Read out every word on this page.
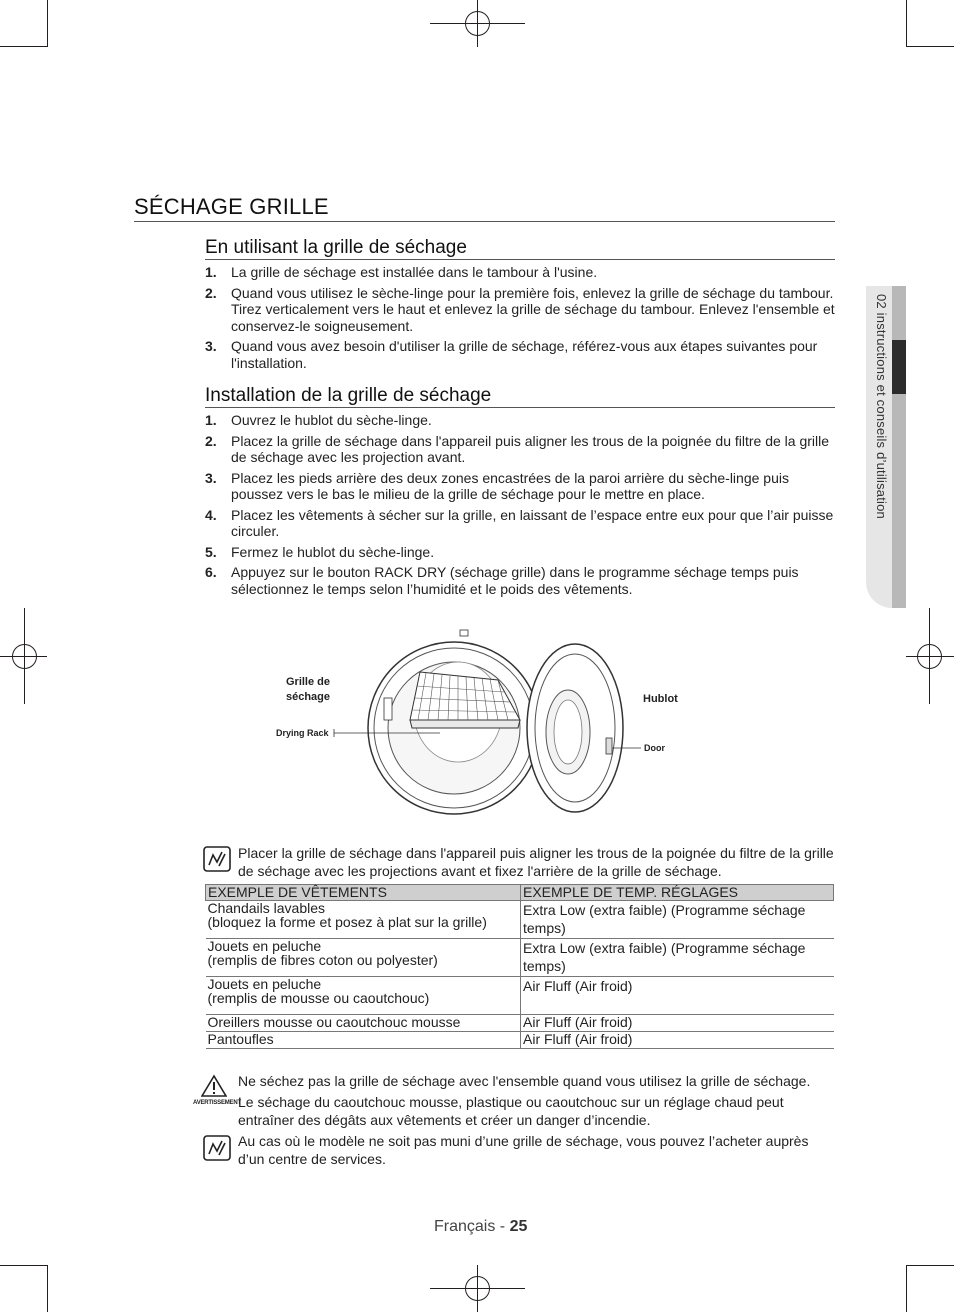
02 instructions et conseils d’utilisation
SÉCHAGE GRILLE
En utilisant la grille de séchage
1. La grille de séchage est installée dans le tambour à l'usine.
2. Quand vous utilisez le sèche-linge pour la première fois, enlevez la grille de séchage du tambour. Tirez verticalement vers le haut et enlevez la grille de séchage du tambour. Enlevez l'ensemble et conservez-le soigneusement.
3. Quand vous avez besoin d'utiliser la grille de séchage, référez-vous aux étapes suivantes pour l'installation.
Installation de la grille de séchage
1. Ouvrez le hublot du sèche-linge.
2. Placez la grille de séchage dans l'appareil puis aligner les trous de la poignée du filtre de la grille de séchage avec les projection avant.
3. Placez les pieds arrière des deux zones encastrées de la paroi arrière du sèche-linge puis poussez vers le bas le milieu de la grille de séchage pour le mettre en place.
4. Placez les vêtements à sécher sur la grille, en laissant de l’espace entre eux pour que l’air puisse circuler.
5. Fermez le hublot du sèche-linge.
6. Appuyez sur le bouton RACK DRY (séchage grille) dans le programme séchage temps puis sélectionnez le temps selon l’humidité et le poids des vêtements.
Grille de
séchage
Drying Rack
Hublot
Door
Placer la grille de séchage dans l'appareil puis aligner les trous de la poignée du filtre de la grille de séchage avec les projections avant et fixez l'arrière de la grille de séchage.
EXEMPLE DE VÊTEMENTS	EXEMPLE DE TEMP. RÉGLAGES

Chandails lavables
(bloquez la forme et posez à plat sur la grille)	Extra Low (extra faible) (Programme séchage temps)

Jouets en peluche
(remplis de fibres coton ou polyester)	Extra Low (extra faible) (Programme séchage temps)

Jouets en peluche
(remplis de mousse ou caoutchouc)	Air Fluff (Air froid)
Oreillers mousse ou caoutchouc mousse	Air Fluff (Air froid)
Pantoufles	Air Fluff (Air froid)
AVERTISSEMENT
Ne séchez pas la grille de séchage avec l'ensemble quand vous utilisez la grille de séchage.
Le séchage du caoutchouc mousse, plastique ou caoutchouc sur un réglage chaud peut entraîner des dégâts aux vêtements et créer un danger d’incendie.
Au cas où le modèle ne soit pas muni d’une grille de séchage, vous pouvez l’acheter auprès d’un centre de services.
Français - 25
